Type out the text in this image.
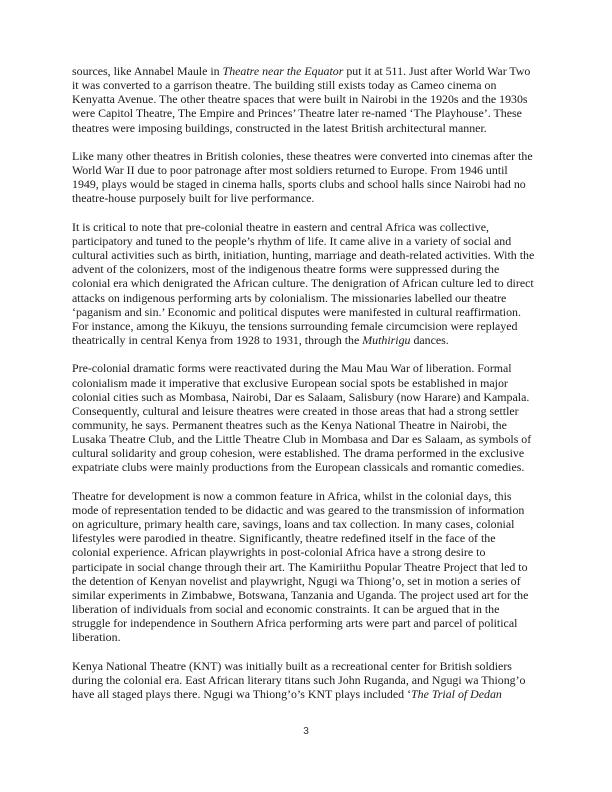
sources, like Annabel Maule in Theatre near the Equator put it at 511. Just after World War Two
it was converted to a garrison theatre. The building still exists today as Cameo cinema on
Kenyatta Avenue. The other theatre spaces that were built in Nairobi in the 1920s and the 1930s
were Capitol Theatre, The Empire and Princes’ Theatre later re-named ‘The Playhouse’. These
theatres were imposing buildings, constructed in the latest British architectural manner.
Like many other theatres in British colonies, these theatres were converted into cinemas after the
World War II due to poor patronage after most soldiers returned to Europe. From 1946 until
1949, plays would be staged in cinema halls, sports clubs and school halls since Nairobi had no
theatre-house purposely built for live performance.
It is critical to note that pre-colonial theatre in eastern and central Africa was collective,
participatory and tuned to the people’s rhythm of life. It came alive in a variety of social and
cultural activities such as birth, initiation, hunting, marriage and death-related activities. With the
advent of the colonizers, most of the indigenous theatre forms were suppressed during the
colonial era which denigrated the African culture. The denigration of African culture led to direct
attacks on indigenous performing arts by colonialism. The missionaries labelled our theatre
‘paganism and sin.’ Economic and political disputes were manifested in cultural reaffirmation.
For instance, among the Kikuyu, the tensions surrounding female circumcision were replayed
theatrically in central Kenya from 1928 to 1931, through the Muthirigu dances.
Pre-colonial dramatic forms were reactivated during the Mau Mau War of liberation. Formal
colonialism made it imperative that exclusive European social spots be established in major
colonial cities such as Mombasa, Nairobi, Dar es Salaam, Salisbury (now Harare) and Kampala.
Consequently, cultural and leisure theatres were created in those areas that had a strong settler
community, he says. Permanent theatres such as the Kenya National Theatre in Nairobi, the
Lusaka Theatre Club, and the Little Theatre Club in Mombasa and Dar es Salaam, as symbols of
cultural solidarity and group cohesion, were established. The drama performed in the exclusive
expatriate clubs were mainly productions from the European classicals and romantic comedies.
Theatre for development is now a common feature in Africa, whilst in the colonial days, this
mode of representation tended to be didactic and was geared to the transmission of information
on agriculture, primary health care, savings, loans and tax collection. In many cases, colonial
lifestyles were parodied in theatre. Significantly, theatre redefined itself in the face of the
colonial experience. African playwrights in post-colonial Africa have a strong desire to
participate in social change through their art. The Kamiriithu Popular Theatre Project that led to
the detention of Kenyan novelist and playwright, Ngugi wa Thiong’o, set in motion a series of
similar experiments in Zimbabwe, Botswana, Tanzania and Uganda. The project used art for the
liberation of individuals from social and economic constraints. It can be argued that in the
struggle for independence in Southern Africa performing arts were part and parcel of political
liberation.
Kenya National Theatre (KNT) was initially built as a recreational center for British soldiers
during the colonial era. East African literary titans such John Ruganda, and Ngugi wa Thiong’o
have all staged plays there. Ngugi wa Thiong’o’s KNT plays included ‘The Trial of Dedan
3
